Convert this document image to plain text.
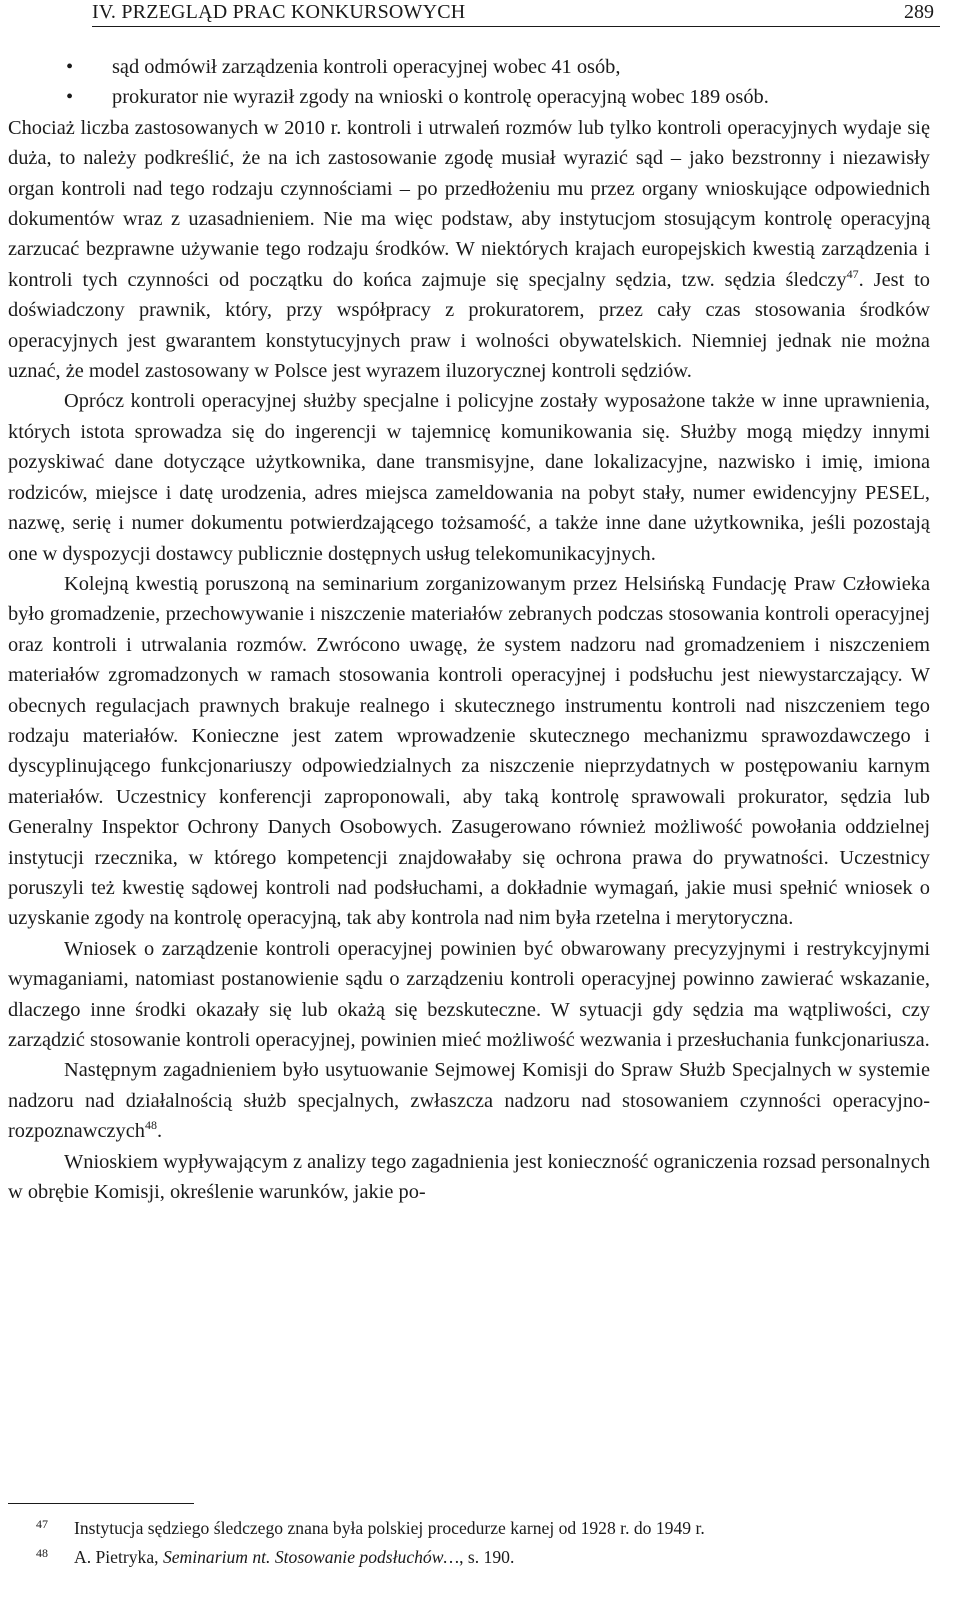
IV. PRZEGLĄD PRAC KONKURSOWYCH	289
• sąd odmówił zarządzenia kontroli operacyjnej wobec 41 osób,
• prokurator nie wyraził zgody na wnioski o kontrolę operacyjną wobec 189 osób.

Chociaż liczba zastosowanych w 2010 r. kontroli i utrwaleń rozmów lub tylko kontroli operacyjnych wydaje się duża, to należy podkreślić, że na ich zastosowanie zgodę musiał wyrazić sąd – jako bezstronny i niezawisły organ kontroli nad tego rodzaju czynnościami – po przedłożeniu mu przez organy wnioskujące odpowiednich dokumentów wraz z uzasadnieniem. Nie ma więc podstaw, aby instytucjom stosującym kontrolę operacyjną zarzucać bezprawne używanie tego rodzaju środków. W niektórych krajach europejskich kwestią zarządzenia i kontroli tych czynności od początku do końca zajmuje się specjalny sędzia, tzw. sędzia śledczy$^{47}$. Jest to doświadczony prawnik, który, przy współpracy z prokuratorem, przez cały czas stosowania środków operacyjnych jest gwarantem konstytucyjnych praw i wolności obywatelskich. Niemniej jednak nie można uznać, że model zastosowany w Polsce jest wyrazem iluzorycznej kontroli sędziów.

Oprócz kontroli operacyjnej służby specjalne i policyjne zostały wyposażone także w inne uprawnienia, których istota sprowadza się do ingerencji w tajemnicę komunikowania się. Służby mogą między innymi pozyskiwać dane dotyczące użytkownika, dane transmisyjne, dane lokalizacyjne, nazwisko i imię, imiona rodziców, miejsce i datę urodzenia, adres miejsca zameldowania na pobyt stały, numer ewidencyjny PESEL, nazwę, serię i numer dokumentu potwierdzającego tożsamość, a także inne dane użytkownika, jeśli pozostają one w dyspozycji dostawcy publicznie dostępnych usług telekomunikacyjnych.

Kolejną kwestią poruszoną na seminarium zorganizowanym przez Helsińską Fundację Praw Człowieka było gromadzenie, przechowywanie i niszczenie materiałów zebranych podczas stosowania kontroli operacyjnej oraz kontroli i utrwalania rozmów. Zwrócono uwagę, że system nadzoru nad gromadzeniem i niszczeniem materiałów zgromadzonych w ramach stosowania kontroli operacyjnej i podsłuchu jest niewystarczający. W obecnych regulacjach prawnych brakuje realnego i skutecznego instrumentu kontroli nad niszczeniem tego rodzaju materiałów. Konieczne jest zatem wprowadzenie skutecznego mechanizmu sprawozdawczego i dyscyplinującego funkcjonariuszy odpowiedzialnych za niszczenie nieprzydatnych w postępowaniu karnym materiałów. Uczestnicy konferencji zaproponowali, aby taką kontrolę sprawowali prokurator, sędzia lub Generalny Inspektor Ochrony Danych Osobowych. Zasugerowano również możliwość powołania oddzielnej instytucji rzecznika, w którego kompetencji znajdowałaby się ochrona prawa do prywatności. Uczestnicy poruszyli też kwestię sądowej kontroli nad podsłuchami, a dokładnie wymagań, jakie musi spełnić wniosek o uzyskanie zgody na kontrolę operacyjną, tak aby kontrola nad nim była rzetelna i merytoryczna.

Wniosek o zarządzenie kontroli operacyjnej powinien być obwarowany precyzyjnymi i restrykcyjnymi wymaganiami, natomiast postanowienie sądu o zarządzeniu kontroli operacyjnej powinno zawierać wskazanie, dlaczego inne środki okazały się lub okażą się bezskuteczne. W sytuacji gdy sędzia ma wątpliwości, czy zarządzić stosowanie kontroli operacyjnej, powinien mieć możliwość wezwania i przesłuchania funkcjonariusza.

Następnym zagadnieniem było usytuowanie Sejmowej Komisji do Spraw Służb Specjalnych w systemie nadzoru nad działalnością służb specjalnych, zwłaszcza nadzoru nad stosowaniem czynności operacyjno-rozpoznawczych$^{48}$.

Wnioskiem wypływającym z analizy tego zagadnienia jest konieczność ograniczenia rozsad personalnych w obrębie Komisji, określenie warunków, jakie po-

47 Instytucja sędziego śledczego znana była polskiej procedurze karnej od 1928 r. do 1949 r.
48 A. Pietryka, Seminarium nt. Stosowanie podsłuchów…, s. 190.
